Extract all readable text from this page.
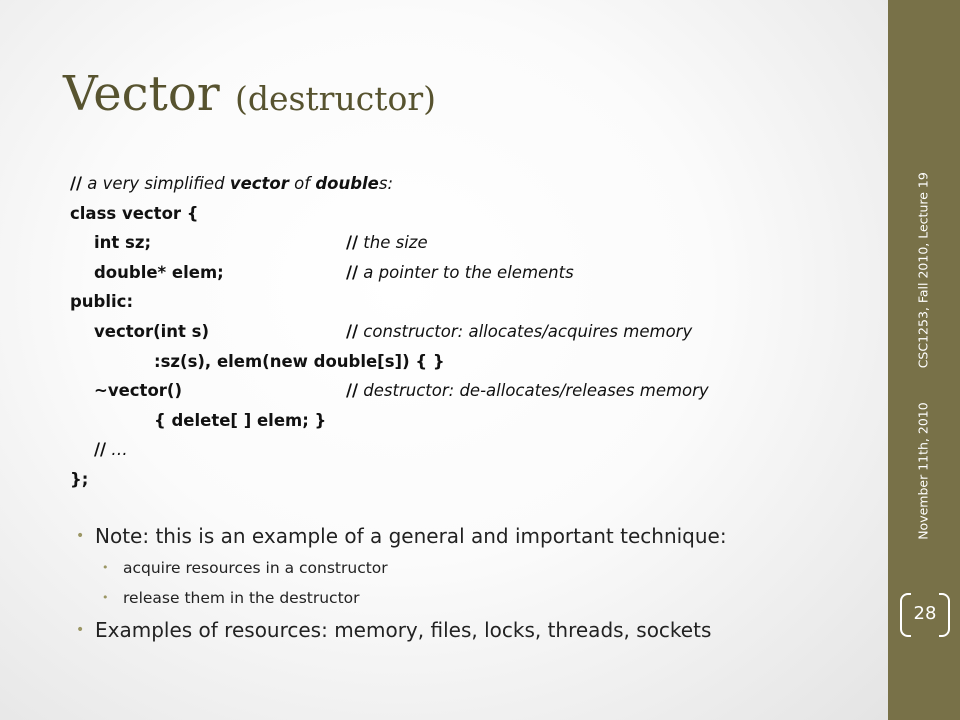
Vector (destructor)
// a very simplified vector of doubles:
class vector {
int sz;	// the size
double* elem;	// a pointer to the elements
public:
vector(int s)	// constructor: allocates/acquires memory
:sz(s), elem(new double[s]) { }
~vector()	// destructor: de-allocates/releases memory
{ delete[ ] elem; }
// …
};
• Note: this is an example of a general and important technique:
• acquire resources in a constructor
• release them in the destructor
• Examples of resources: memory, files, locks, threads, sockets
November 11th, 2010CSC1253, Fall 2010, Lecture 19
28
